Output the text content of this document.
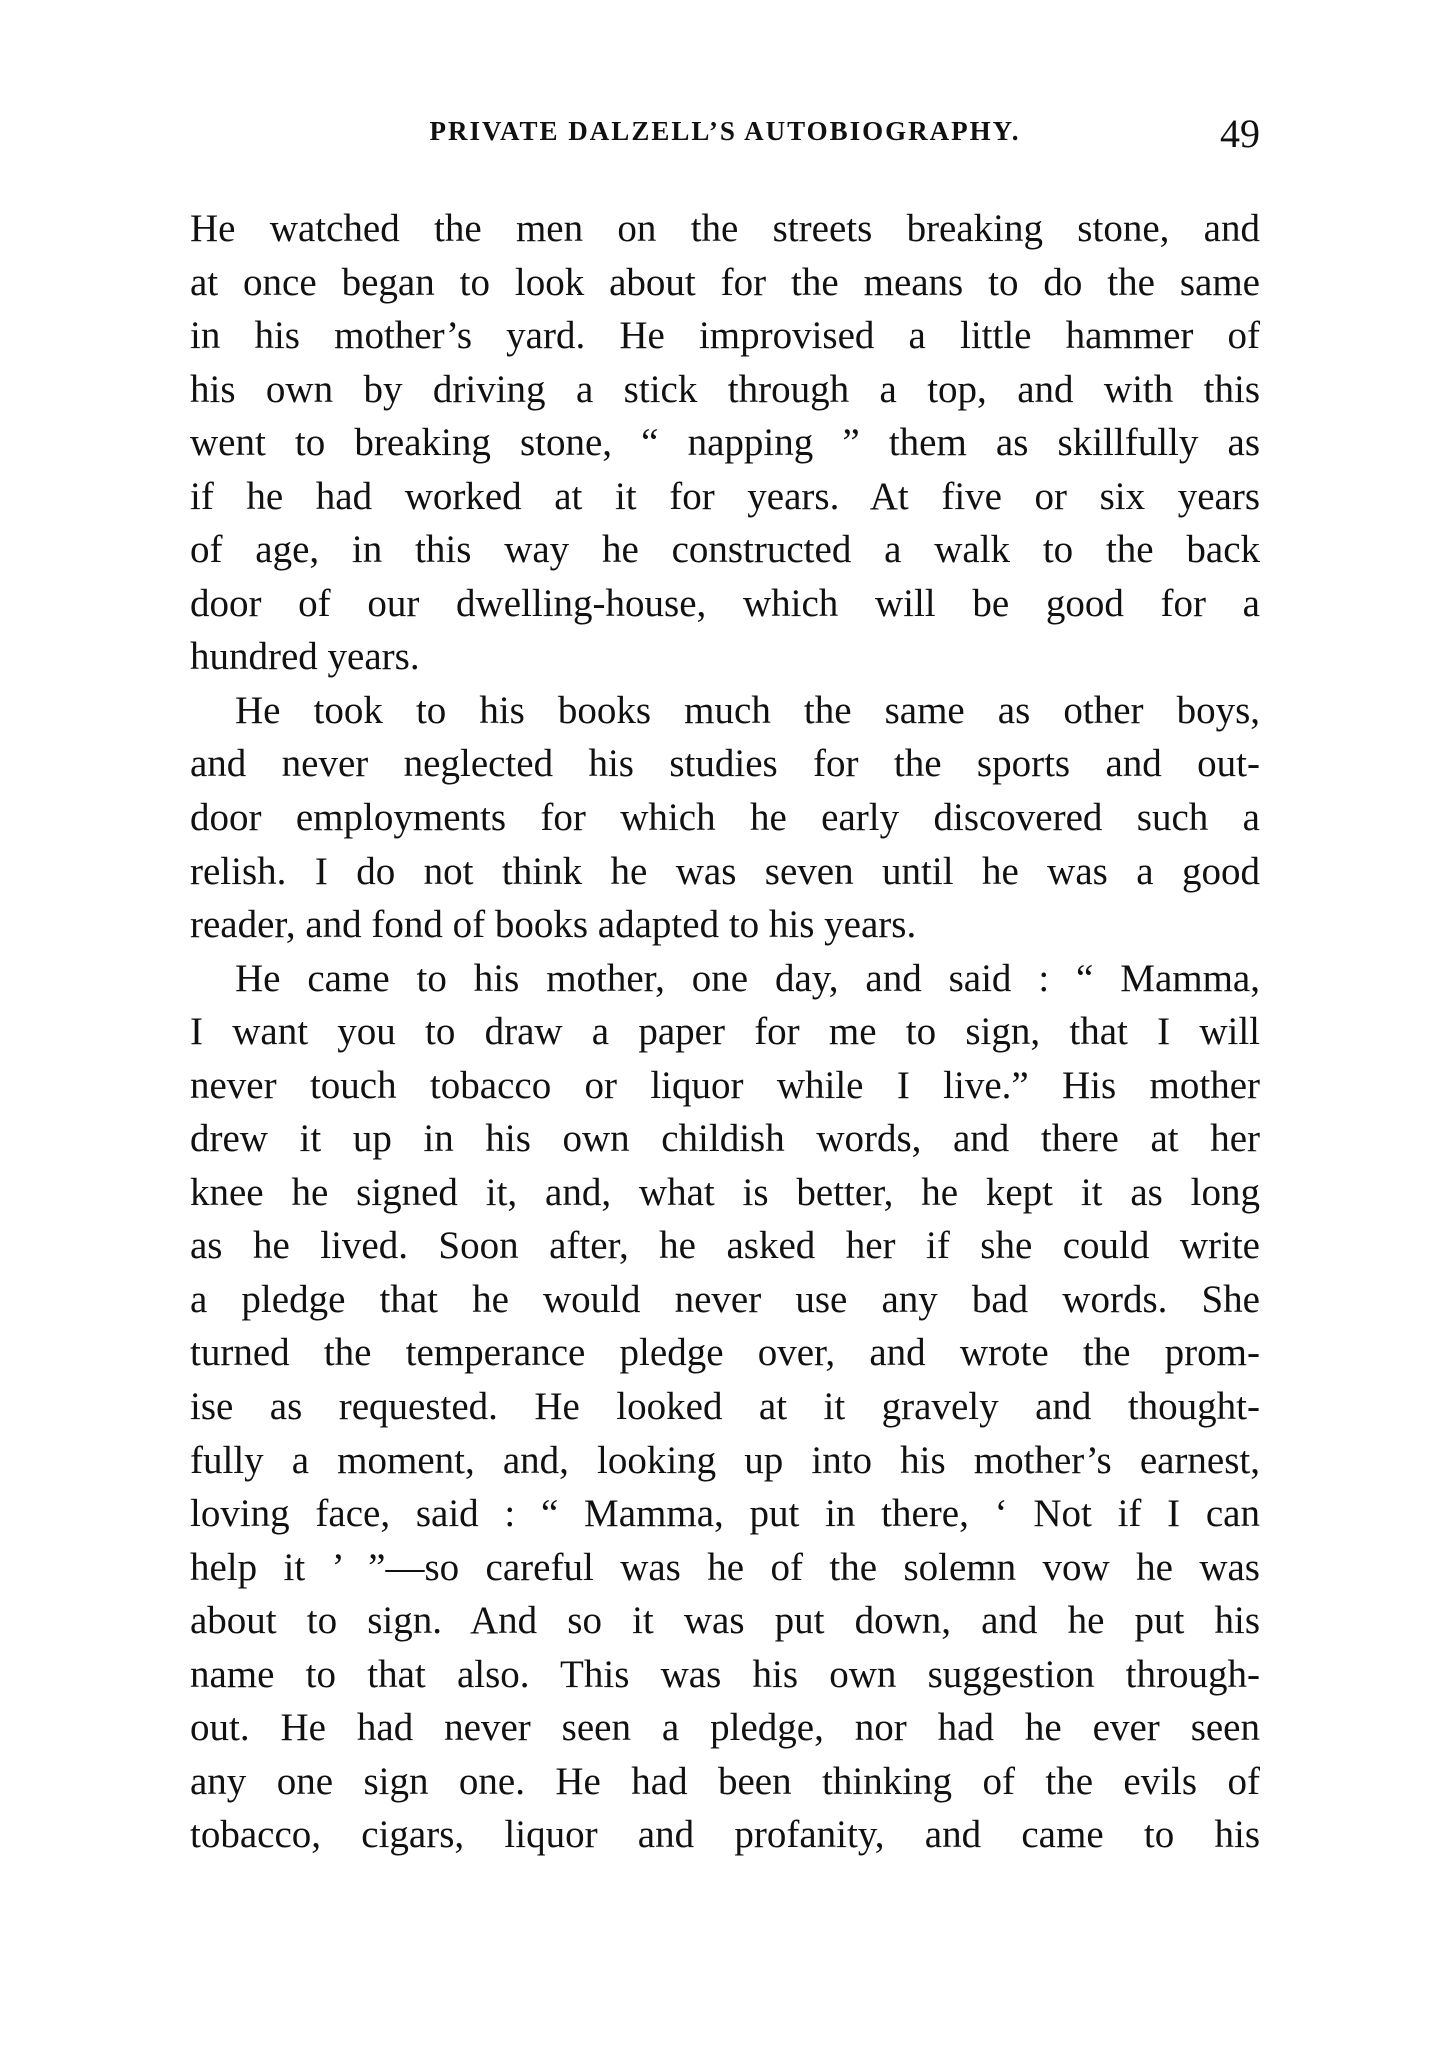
PRIVATE DALZELL’S AUTOBIOGRAPHY.	49
He watched the men on the streets breaking stone, and
at once began to look about for the means to do the same
in his mother’s yard. He improvised a little hammer of
his own by driving a stick through a top, and with this
went to breaking stone, “ napping ” them as skillfully as
if he had worked at it for years. At five or six years
of age, in this way he constructed a walk to the back
door of our dwelling-house, which will be good for a
hundred years.
He took to his books much the same as other boys,
and never neglected his studies for the sports and out-
door employments for which he early discovered such a
relish. I do not think he was seven until he was a good
reader, and fond of books adapted to his years.
He came to his mother, one day, and said : “ Mamma,
I want you to draw a paper for me to sign, that I will
never touch tobacco or liquor while I live.” His mother
drew it up in his own childish words, and there at her
knee he signed it, and, what is better, he kept it as long
as he lived. Soon after, he asked her if she could write
a pledge that he would never use any bad words. She
turned the temperance pledge over, and wrote the prom-
ise as requested. He looked at it gravely and thought-
fully a moment, and, looking up into his mother’s earnest,
loving face, said : “ Mamma, put in there, ‘ Not if I can
help it ’ ”—so careful was he of the solemn vow he was
about to sign. And so it was put down, and he put his
name to that also. This was his own suggestion through-
out. He had never seen a pledge, nor had he ever seen
any one sign one. He had been thinking of the evils of
tobacco, cigars, liquor and profanity, and came to his
